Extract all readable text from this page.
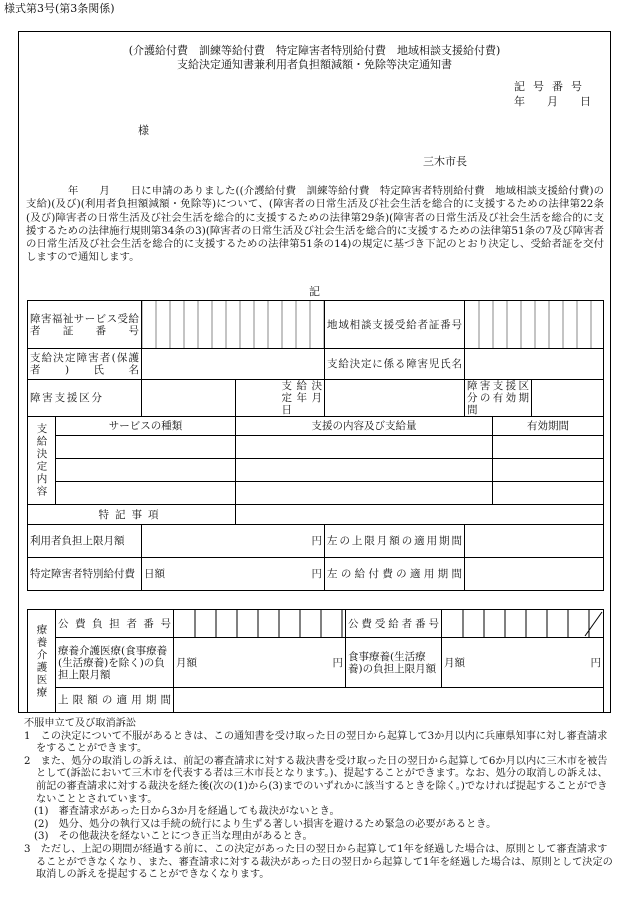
様式第3号(第3条関係)
(介護給付費　訓練等給付費　特定障害者特別給付費　地域相談支援給付費)
支給決定通知書兼利用者負担額減額・免除等決定通知書
記号番号
年　　月　　日
様
三木市長
　　　　年　　月　　日に申請のありました((介護給付費　訓練等給付費　特定障害者特別給付費　地域相談支援給付費)の支給)(及び)(利用者負担額減額・免除等)について、(障害者の日常生活及び社会生活を総合的に支援するための法律第22条(及び)障害者の日常生活及び社会生活を総合的に支援するための法律第29条)(障害者の日常生活及び社会生活を総合的に支援するための法律施行規則第34条の3)(障害者の日常生活及び社会生活を総合的に支援するための法律第51条の7及び障害者の日常生活及び社会生活を総合的に支援するための法律第51条の14)の規定に基づき下記のとおり決定し、受給者証を交付しますので通知します。
記
障害福祉サービス受給者証番号					地域相談支援受給者証番号			

支給決定障害者(保護者)氏名					支給決定に係る障害児氏名			

障害支援区分				支給決定年月日		障害支援区分の有効期間		

支給決定内容	サービスの種類		支援の内容及び支給量				有効期間	

特記事項								
利用者負担上限月額		円			左の上限月額の適用期間			

特定障害者特別給付費		日額 円			左の給付費の適用期間			

療養介護医療	公費負担者番号		公費受給者番号

	療養介護医療(食事療養(生活療養)を除く)の負担上限月額	月額 円	食事療養(生活療養)の負担上限月額	月額 円

	上限額の適用期間			

不服申立て及び取消訴訟

1　この決定について不服があるときは、この通知書を受け取った日の翌日から起算して3か月以内に兵庫県知事に対し審査請求をすることができます。

2　また、処分の取消しの訴えは、前記の審査請求に対する裁決書を受け取った日の翌日から起算して6か月以内に三木市を被告として(訴訟において三木市を代表する者は三木市長となります。)、提起することができます。なお、処分の取消しの訴えは、前記の審査請求に対する裁決を経た後(次の(1)から(3)までのいずれかに該当するときを除く。)でなければ提起することができないこととされています。

(1)　審査請求があった日から3か月を経過しても裁決がないとき。

(2)　処分、処分の執行又は手続の続行により生ずる著しい損害を避けるため緊急の必要があるとき。

(3)　その他裁決を経ないことにつき正当な理由があるとき。

3　ただし、上記の期間が経過する前に、この決定があった日の翌日から起算して1年を経過した場合は、原則として審査請求することができなくなり、また、審査請求に対する裁決があった日の翌日から起算して1年を経過した場合は、原則として決定の取消しの訴えを提起することができなくなります。
